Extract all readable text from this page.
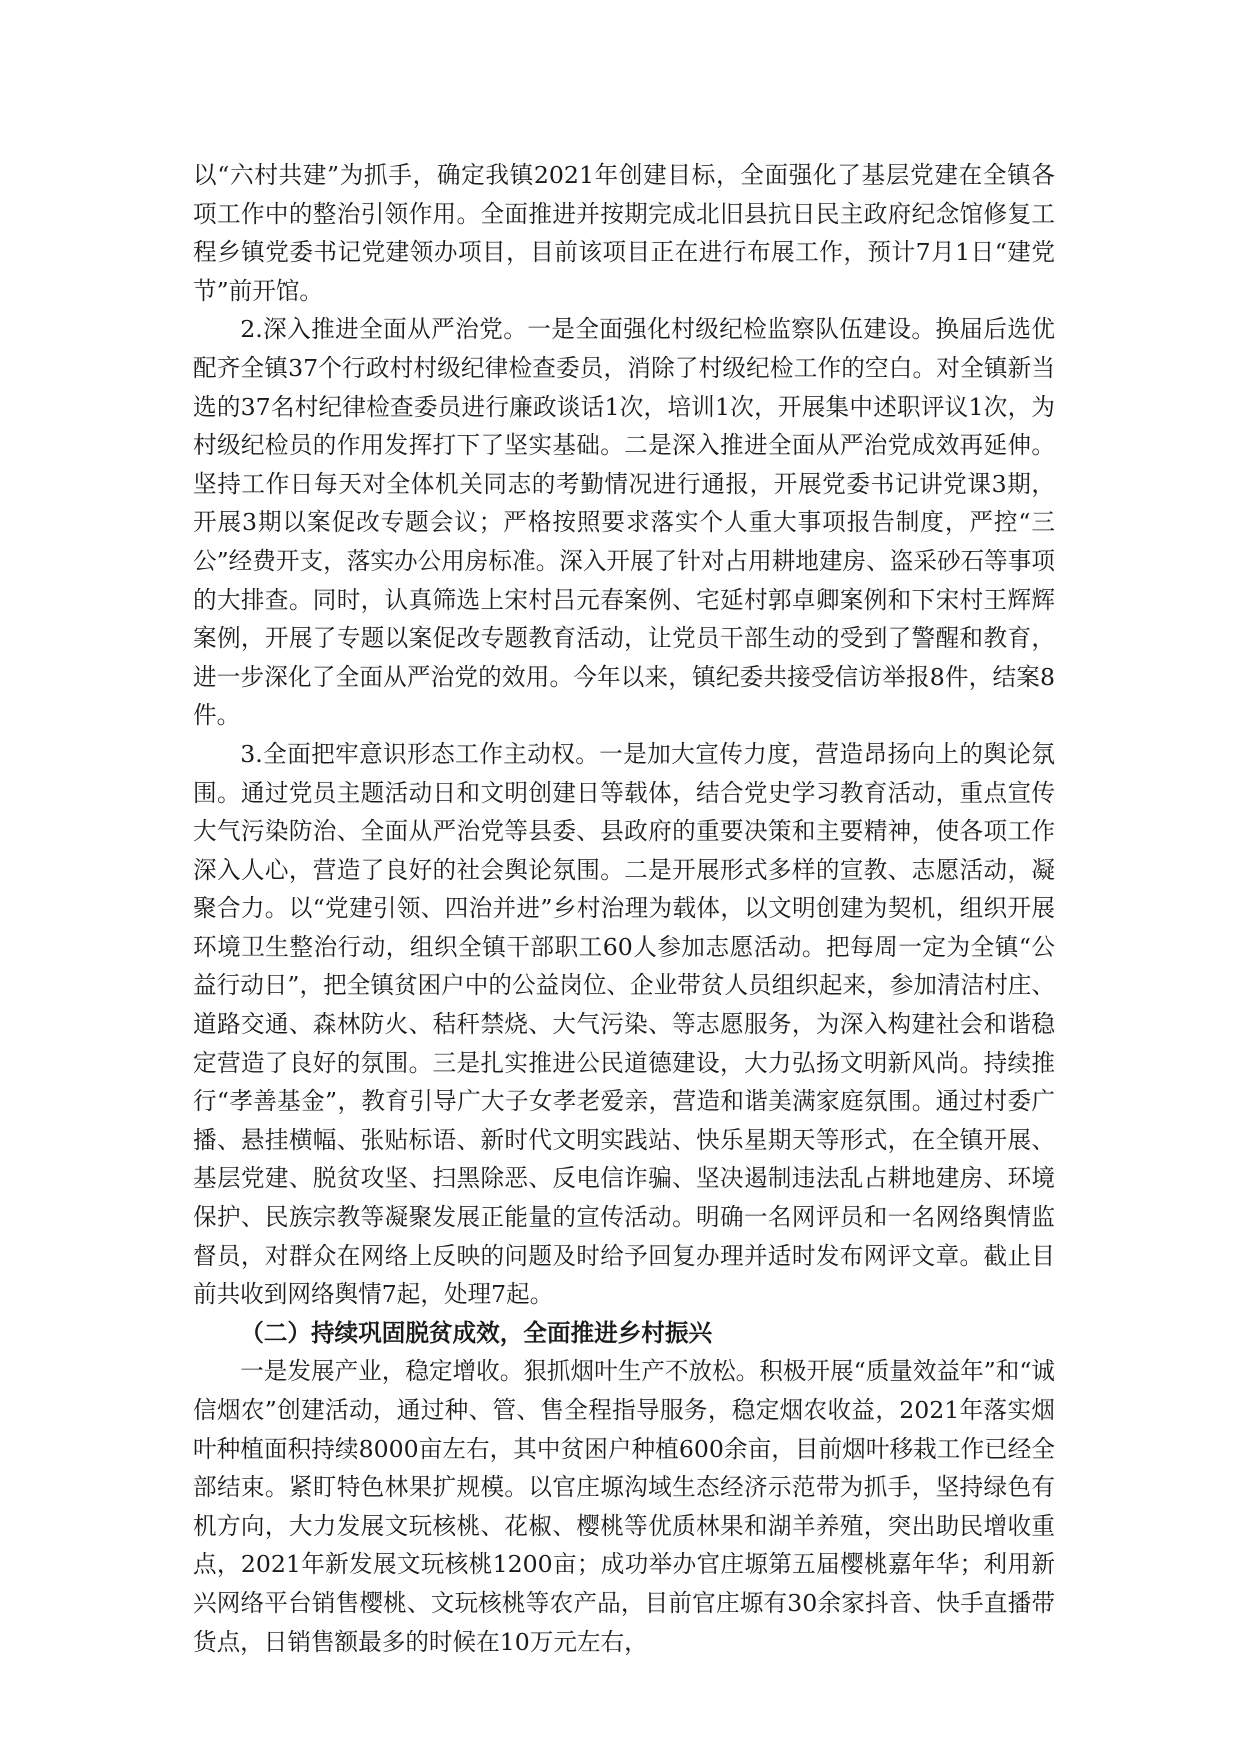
以“六村共建”为抓手，确定我镇2021年创建目标，全面强化了基层党建在全镇各项工作中的整治引领作用。全面推进并按期完成北旧县抗日民主政府纪念馆修复工程乡镇党委书记党建领办项目，目前该项目正在进行布展工作，预计7月1日“建党节”前开馆。

2.深入推进全面从严治党。一是全面强化村级纪检监察队伍建设。换届后选优配齐全镇37个行政村村级纪律检查委员，消除了村级纪检工作的空白。对全镇新当选的37名村纪律检查委员进行廉政谈话1次，培训1次，开展集中述职评议1次，为村级纪检员的作用发挥打下了坚实基础。二是深入推进全面从严治党成效再延伸。坚持工作日每天对全体机关同志的考勤情况进行通报，开展党委书记讲党课3期，开展3期以案促改专题会议；严格按照要求落实个人重大事项报告制度，严控“三公”经费开支，落实办公用房标准。深入开展了针对占用耕地建房、盗采砂石等事项的大排查。同时，认真筛选上宋村吕元春案例、宅延村郭卓卿案例和下宋村王辉辉案例，开展了专题以案促改专题教育活动，让党员干部生动的受到了警醒和教育，进一步深化了全面从严治党的效用。今年以来，镇纪委共接受信访举报8件，结案8件。

3.全面把牢意识形态工作主动权。一是加大宣传力度，营造昂扬向上的舆论氛围。通过党员主题活动日和文明创建日等载体，结合党史学习教育活动，重点宣传大气污染防治、全面从严治党等县委、县政府的重要决策和主要精神，使各项工作深入人心，营造了良好的社会舆论氛围。二是开展形式多样的宣教、志愿活动，凝聚合力。以“党建引领、四治并进”乡村治理为载体，以文明创建为契机，组织开展环境卫生整治行动，组织全镇干部职工60人参加志愿活动。把每周一定为全镇“公益行动日”，把全镇贫困户中的公益岗位、企业带贫人员组织起来，参加清洁村庄、道路交通、森林防火、秸秆禁烧、大气污染、等志愿服务，为深入构建社会和谐稳定营造了良好的氛围。三是扎实推进公民道德建设，大力弘扬文明新风尚。持续推行“孝善基金”，教育引导广大子女孝老爱亲，营造和谐美满家庭氛围。通过村委广播、悬挂横幅、张贴标语、新时代文明实践站、快乐星期天等形式，在全镇开展、基层党建、脱贫攻坚、扫黑除恶、反电信诈骗、坚决遏制违法乱占耕地建房、环境保护、民族宗教等凝聚发展正能量的宣传活动。明确一名网评员和一名网络舆情监督员，对群众在网络上反映的问题及时给予回复办理并适时发布网评文章。截止目前共收到网络舆情7起，处理7起。

（二）持续巩固脱贫成效，全面推进乡村振兴

一是发展产业，稳定增收。狠抓烟叶生产不放松。积极开展“质量效益年”和“诚信烟农”创建活动，通过种、管、售全程指导服务，稳定烟农收益，2021年落实烟叶种植面积持续8000亩左右，其中贫困户种植600余亩，目前烟叶移栽工作已经全部结束。紧盯特色林果扩规模。以官庄塬沟域生态经济示范带为抓手，坚持绿色有机方向，大力发展文玩核桃、花椒、樱桃等优质林果和湖羊养殖，突出助民增收重点，2021年新发展文玩核桃1200亩；成功举办官庄塬第五届樱桃嘉年华；利用新兴网络平台销售樱桃、文玩核桃等农产品，目前官庄塬有30余家抖音、快手直播带货点，日销售额最多的时候在10万元左右，
